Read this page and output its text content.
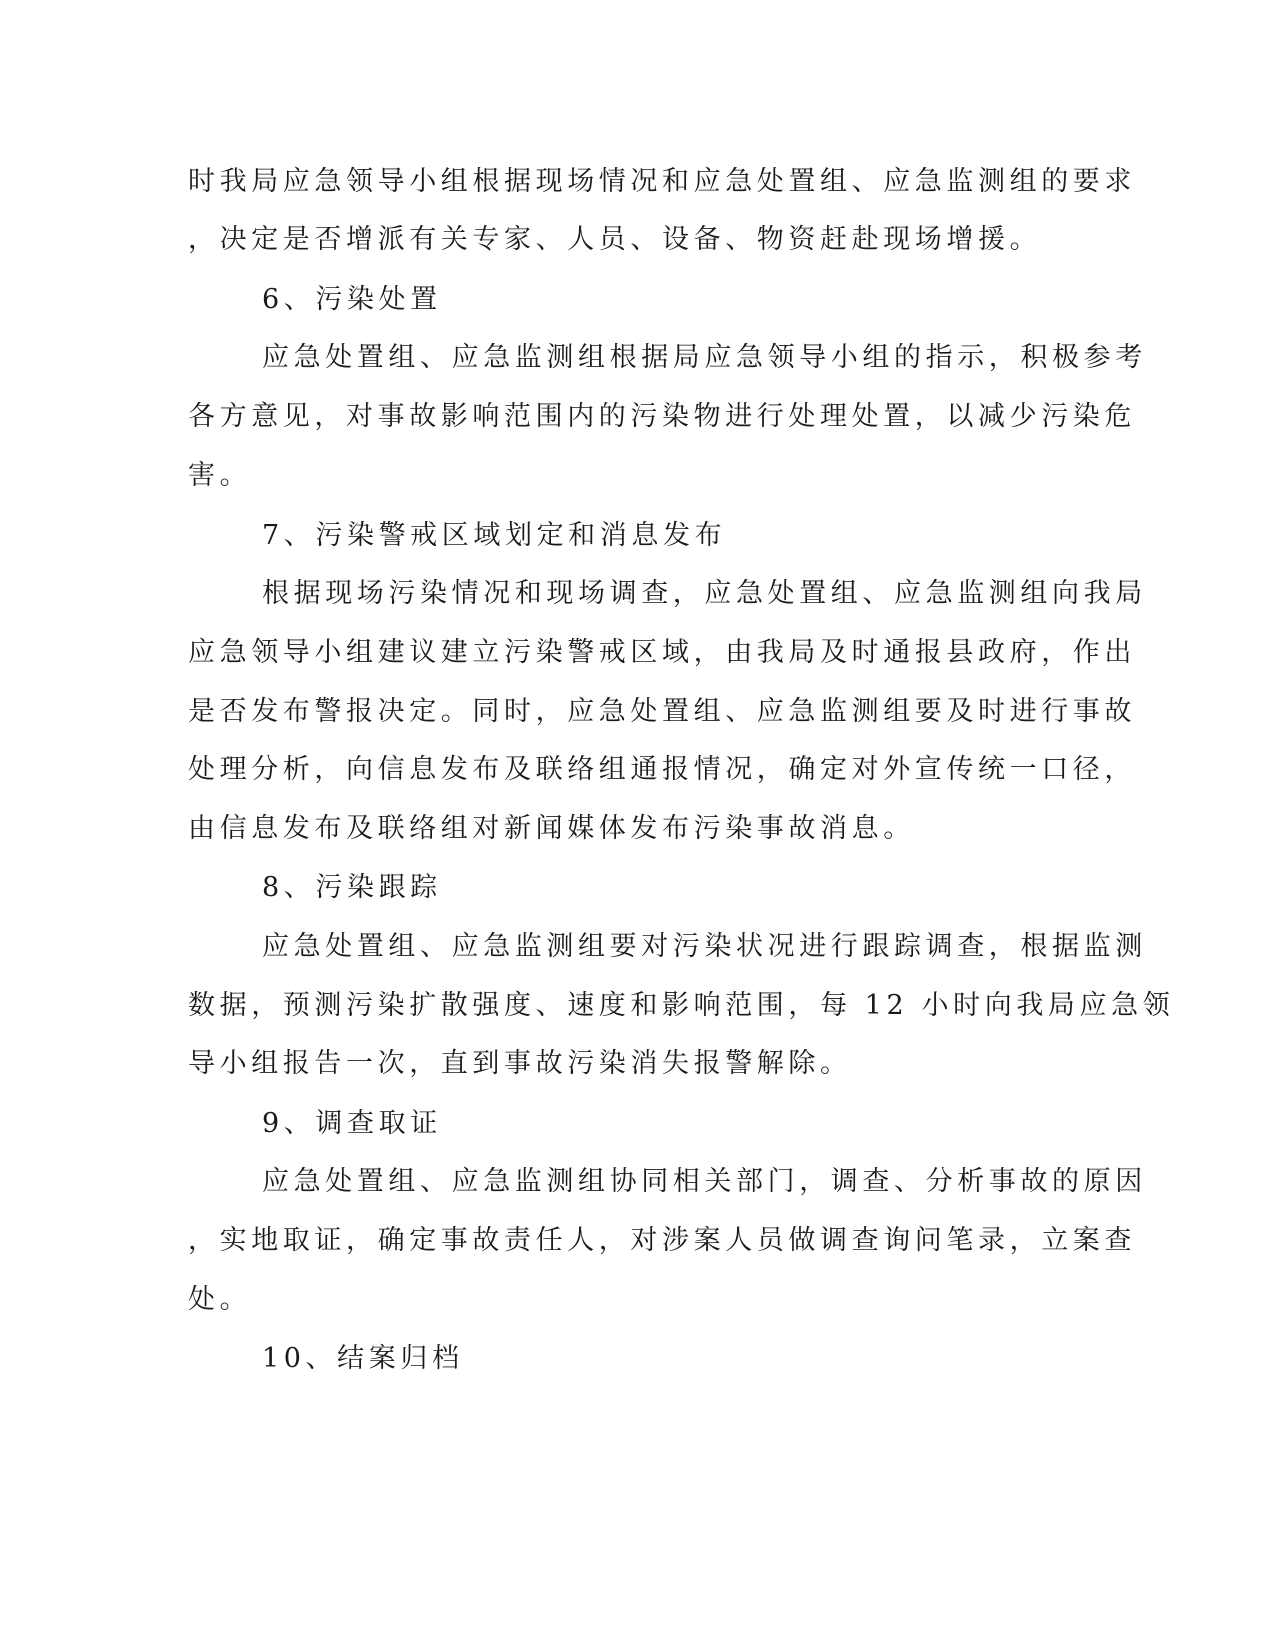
时我局应急领导小组根据现场情况和应急处置组、应急监测组的要求
，决定是否增派有关专家、人员、设备、物资赶赴现场增援。
6、污染处置
应急处置组、应急监测组根据局应急领导小组的指示，积极参考
各方意见，对事故影响范围内的污染物进行处理处置，以减少污染危
害。
7、污染警戒区域划定和消息发布
根据现场污染情况和现场调查，应急处置组、应急监测组向我局
应急领导小组建议建立污染警戒区域，由我局及时通报县政府，作出
是否发布警报决定。同时，应急处置组、应急监测组要及时进行事故
处理分析，向信息发布及联络组通报情况，确定对外宣传统一口径，
由信息发布及联络组对新闻媒体发布污染事故消息。
8、污染跟踪
应急处置组、应急监测组要对污染状况进行跟踪调查，根据监测
数据，预测污染扩散强度、速度和影响范围，每 12 小时向我局应急领
导小组报告一次，直到事故污染消失报警解除。
9、调查取证
应急处置组、应急监测组协同相关部门，调查、分析事故的原因
，实地取证，确定事故责任人，对涉案人员做调查询问笔录，立案查
处。
10、结案归档
